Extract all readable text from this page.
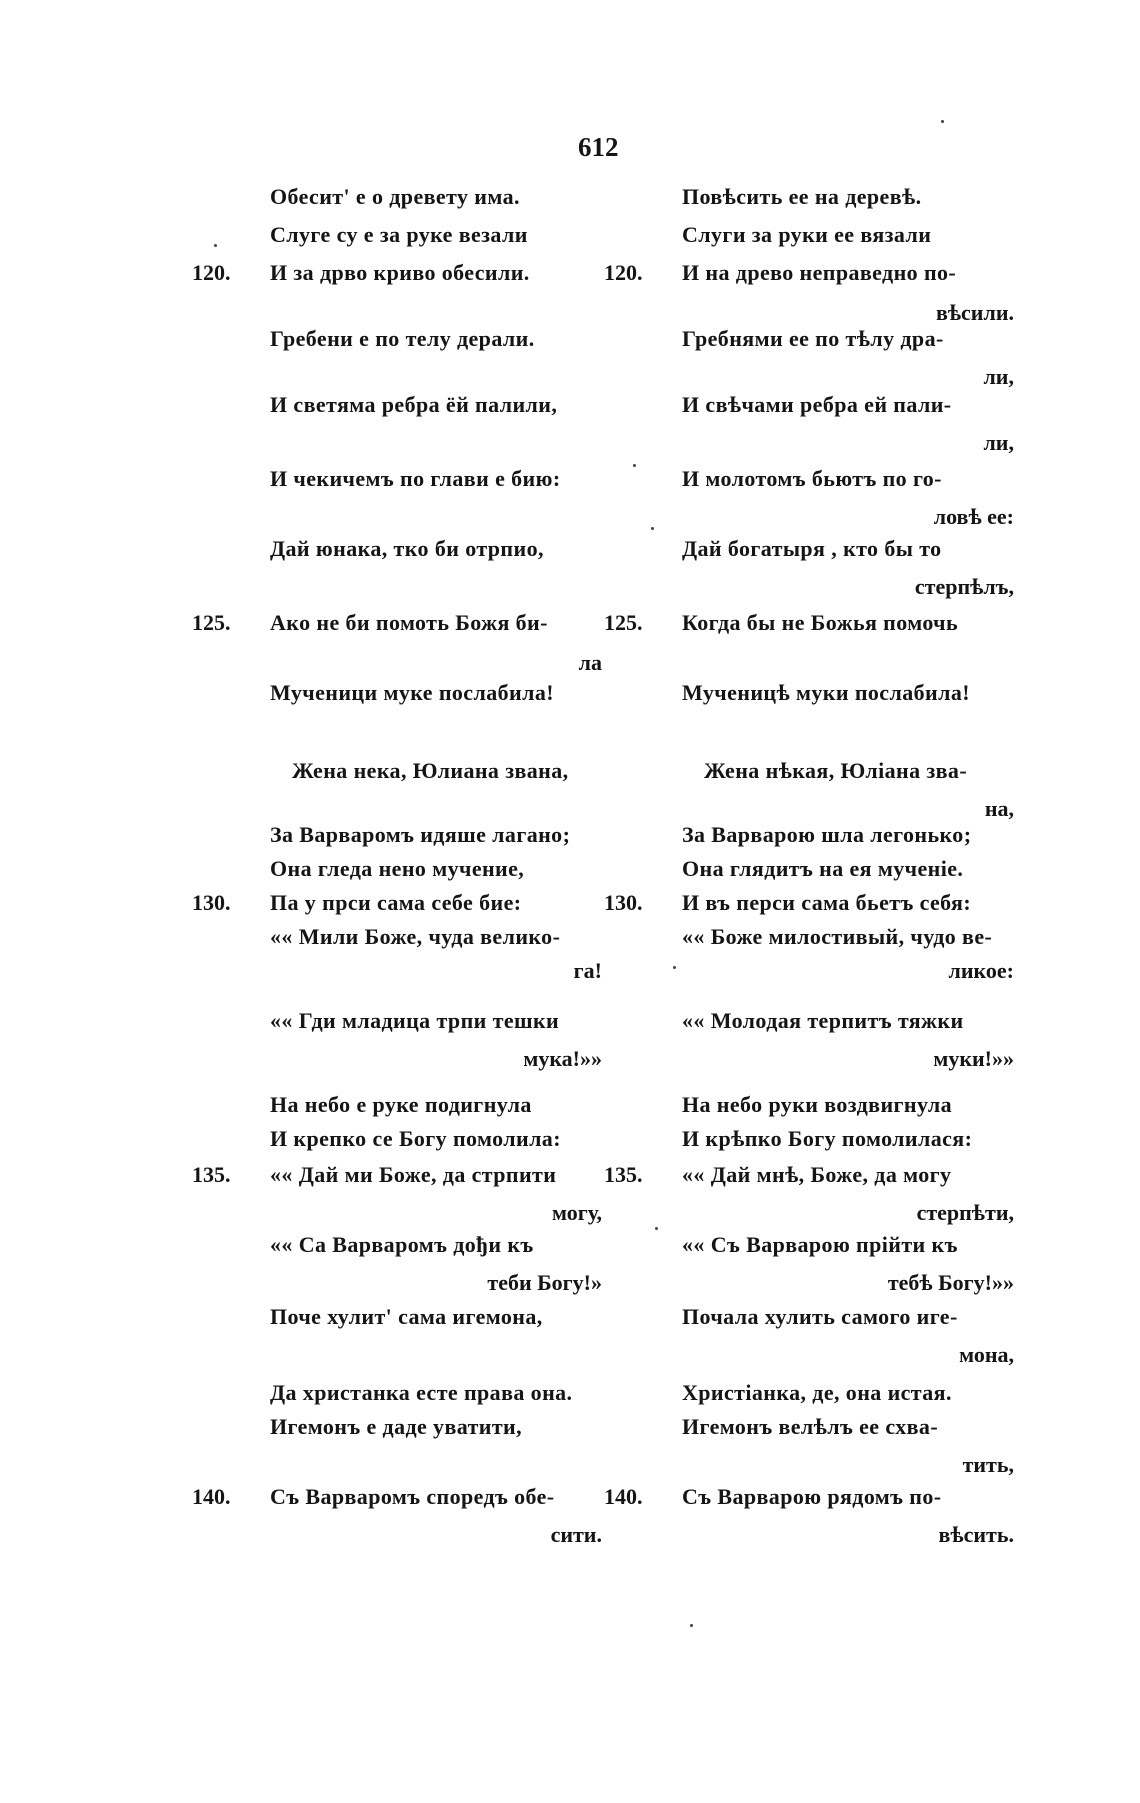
612
Обесит' е о древету има.
Слуге су е за руке везали
120. И за дрво криво обесили.
Гребени е по телу дерали.
И светяма ребра ёй палили,
И чекичемъ по глави е бию:
Дай юнака, тко би отрпио,
125. Ако не би помоть Божя би-
ла
Мученици муке послабила!
Жена нека, Юлиана звана,
За Варваромъ идяше лагано;
Она гледа нено мучение,
130. Па у прси сама себе бие:
«« Мили Боже, чуда велико-
га!
«« Гди младица трпи тешки
мука!»»
На небо е руке подигнула
И крепко се Богу помолила:
135. «« Дай ми Боже, да стрпити
могу,
«« Са Варваромъ дођи къ
теби Богу!»
Поче хулит' сама игемона,
Да христанка есте права она.
Игемонъ е даде уватити,
140. Съ Варваромъ споредъ обе-
сити.
Повѣсить ее на деревѣ.
Слуги за руки ее вязали
120. И на древо неправедно по-
вѣсили.
Гребнями ее по тѣлу дра-
ли,
И свѣчами ребра ей пали-
ли,
И молотомъ бьютъ по го-
ловѣ ее:
Дай богатыря , кто бы то
стерпѣлъ,
125. Когда бы не Божья помочь
Мученицѣ муки послабила!
Жена нѣкая, Юліана зва-
на,
За Варварою шла легонько;
Она глядитъ на ея мученіе.
130. И въ перси сама бьетъ себя:
«« Боже милостивый, чудо ве-
ликое:
«« Молодая терпитъ тяжки
муки!»»
На небо руки воздвигнула
И крѣпко Богу помолилася:
135. «« Дай мнѣ, Боже, да могу
стерпѣти,
«« Съ Варварою прійти къ
тебѣ Богу!»»
Почала хулить самого иге-
мона,
Христіанка, де, она истая.
Игемонъ велѣлъ ее схва-
тить,
140. Съ Варварою рядомъ по-
вѣсить.
